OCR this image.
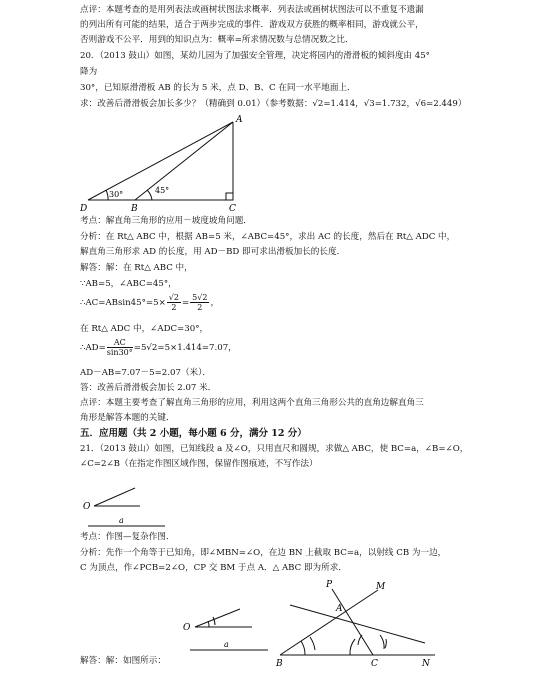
点评：本题考查的是用列表法或画树状图法求概率．列表法或画树状图法可以不重复不遗漏
的列出所有可能的结果，适合于两步完成的事件．游戏双方获胜的概率相同，游戏就公平，
否则游戏不公平．用到的知识点为：概率=所求情况数与总情况数之比．
20．（2013 鼓山）如图，某幼儿园为了加强安全管理，决定将园内的滑滑板的倾斜度由 45°
降为
30°，已知原滑滑板 AB 的长为 5 米，点 D、B、C 在同一水平地面上．
求：改善后滑滑板会加长多少？（精确到 0.01）（参考数据：√2=1.414，√3=1.732，√6=2.449）
A
D	B	C
30°	45°
考点：解直角三角形的应用－坡度坡角问题．
分析：在 Rt△ ABC 中，根据 AB=5 米，∠ABC=45°，求出 AC 的长度，然后在 Rt△ ADC 中，
解直角三角形求 AD 的长度，用 AD－BD 即可求出滑板加长的长度．
解答：解：在 Rt△ ABC 中，
∵AB=5，∠ABC=45°，
∴AC=ABsin45°=5× $\frac{√2}{2} = \frac{5√2}{2}$ ，
在 Rt△ ADC 中，∠ADC=30°，
∴AD= $\frac{AC}{\sin 30^\circ} =5√2=5\times 1.414=7.07$，
AD－AB=7.07－5=2.07（米）．
答：改善后滑滑板会加长 2.07 米．
点评：本题主要考查了解直角三角形的应用，利用这两个直角三角形公共的直角边解直角三
角形是解答本题的关键．
五．应用题（共 2 小题，每小题 6 分，满分 12 分）
21．（2013 鼓山）如图，已知线段 a 及∠O，只用直尺和圆规，求做△ ABC，使 BC=a，∠B=∠O，
∠C=2∠B（在指定作图区域作图，保留作图痕迹，不写作法）
O
a
考点：作图—复杂作图．
分析：先作一个角等于已知角，即∠MBN=∠O，在边 BN 上截取 BC=a，以射线 CB 为一边，
C 为顶点，作∠PCB=2∠O，CP 交 BM 于点 A．△ ABC 即为所求．
O
a
P	M
A
B	C	N
解答：解：如图所示：
